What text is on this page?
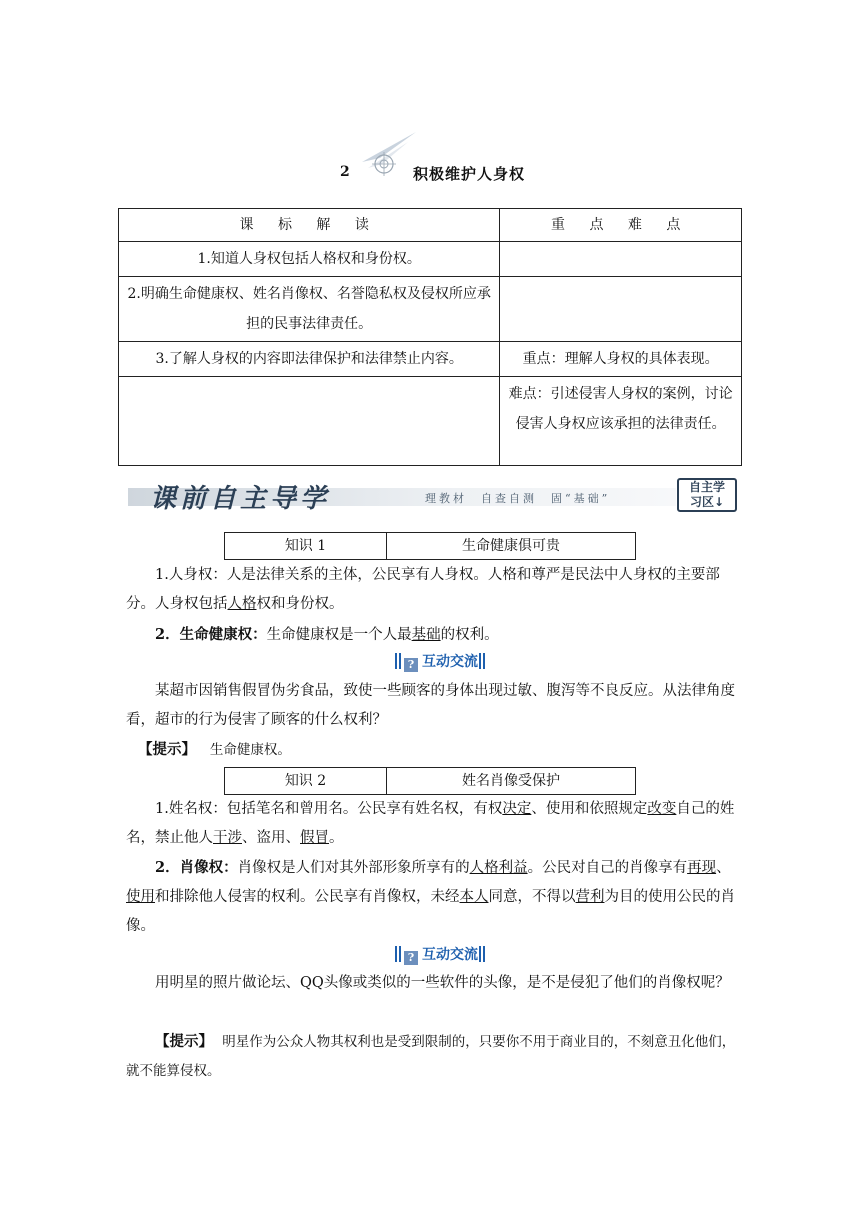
2	积极维护人身权
课 标 解 读	重 点 难 点
1.知道人身权包括人格权和身份权。	
2.明确生命健康权、姓名肖像权、名誉隐私权及侵权所应承担的民事法律责任。	
3.了解人身权的内容即法律保护和法律禁止内容。	重点：理解人身权的具体表现。
	难点：引述侵害人身权的案例，讨论侵害人身权应该承担的法律责任。
课前自主导学	理教材　自查自测　固“基础”
自主学
习区↓
知识 1	生命健康俱可贵
1.人身权：人是法律关系的主体，公民享有人身权。人格和尊严是民法中人身权的主要部分。人身权包括人格权和身份权。
2．生命健康权：生命健康权是一个人最基础的权利。
? 互动交流
某超市因销售假冒伪劣食品，致使一些顾客的身体出现过敏、腹泻等不良反应。从法律角度看，超市的行为侵害了顾客的什么权利？
【提示】 生命健康权。
知识 2	姓名肖像受保护
1.姓名权：包括笔名和曾用名。公民享有姓名权，有权决定、使用和依照规定改变自己的姓名，禁止他人干涉、盗用、假冒。
2．肖像权：肖像权是人们对其外部形象所享有的人格利益。公民对自己的肖像享有再现、使用和排除他人侵害的权利。公民享有肖像权，未经本人同意，不得以营利为目的使用公民的肖像。
? 互动交流
用明星的照片做论坛、QQ头像或类似的一些软件的头像，是不是侵犯了他们的肖像权呢？
【提示】 明星作为公众人物其权利也是受到限制的，只要你不用于商业目的，不刻意丑化他们，就不能算侵权。
